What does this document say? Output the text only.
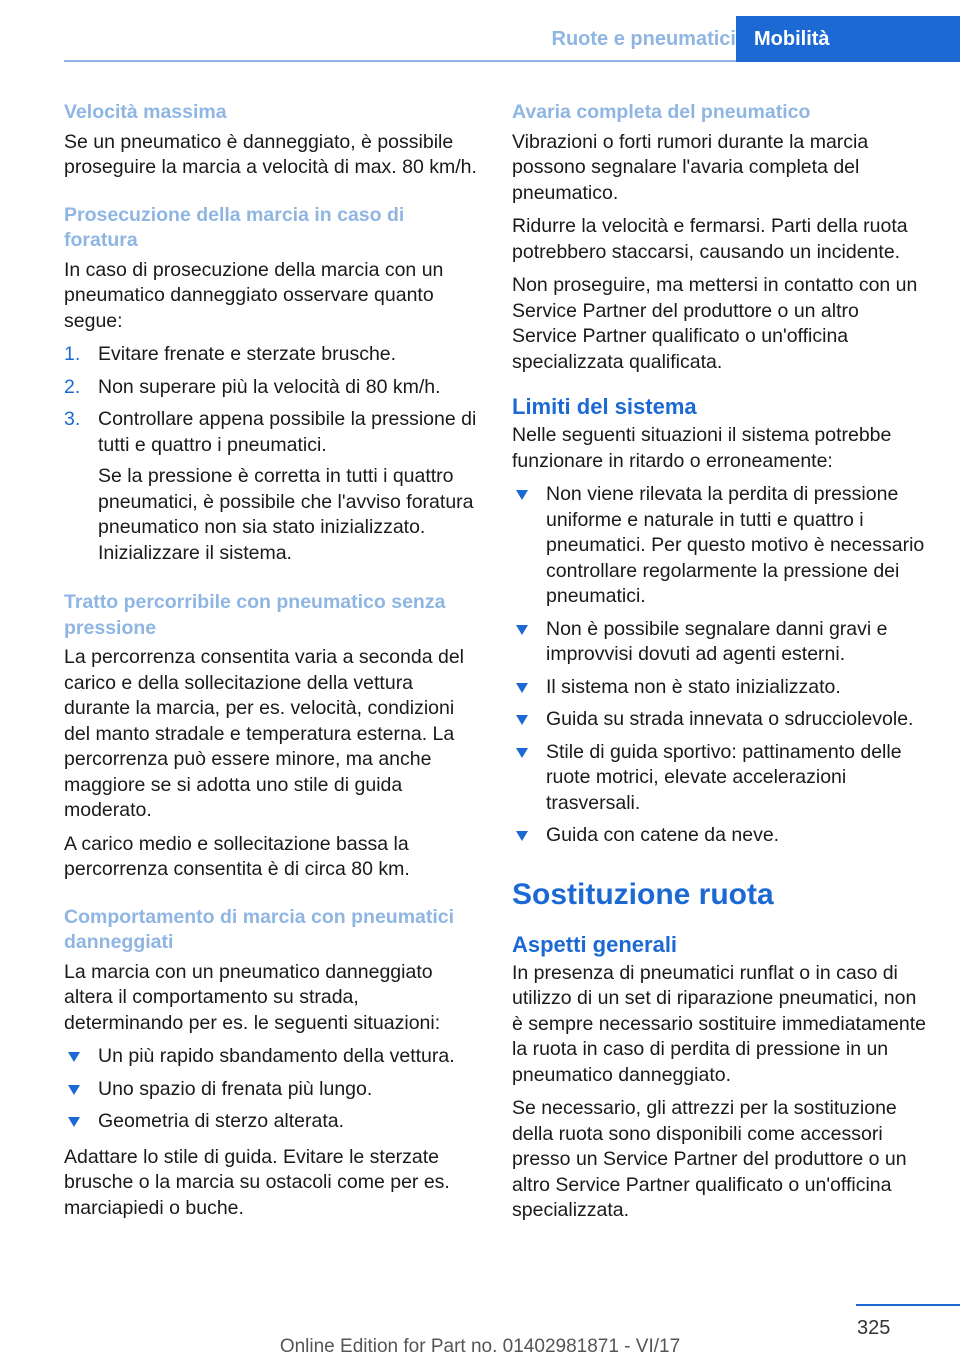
Ruote e pneumatici Mobilità
Velocità massima

Se un pneumatico è danneggiato, è possibile proseguire la marcia a velocità di max. 80 km/h.

Prosecuzione della marcia in caso di foratura

In caso di prosecuzione della marcia con un pneumatico danneggiato osservare quanto segue:

1. Evitare frenate e sterzate brusche.
2. Non superare più la velocità di 80 km/h.
3. Controllare appena possibile la pressione di tutti e quattro i pneumatici.
Se la pressione è corretta in tutti i quattro pneumatici, è possibile che l'avviso foratura pneumatico non sia stato inizializzato. Inizializzare il sistema.
Tratto percorribile con pneumatico senza pressione

La percorrenza consentita varia a seconda del carico e della sollecitazione della vettura durante la marcia, per es. velocità, condizioni del manto stradale e temperatura esterna. La percorrenza può essere minore, ma anche maggiore se si adotta uno stile di guida moderato.

A carico medio e sollecitazione bassa la percorrenza consentita è di circa 80 km.

Comportamento di marcia con pneumatici danneggiati

La marcia con un pneumatico danneggiato altera il comportamento su strada, determinando per es. le seguenti situazioni:

Un più rapido sbandamento della vettura.
Uno spazio di frenata più lungo.
Geometria di sterzo alterata.

Adattare lo stile di guida. Evitare le sterzate brusche o la marcia su ostacoli come per es. marciapiedi o buche.

Avaria completa del pneumatico

Vibrazioni o forti rumori durante la marcia possono segnalare l'avaria completa del pneumatico.

Ridurre la velocità e fermarsi. Parti della ruota potrebbero staccarsi, causando un incidente.

Non proseguire, ma mettersi in contatto con un Service Partner del produttore o un altro Service Partner qualificato o un'officina specializzata qualificata.

Limiti del sistema

Nelle seguenti situazioni il sistema potrebbe funzionare in ritardo o erroneamente:

Non viene rilevata la perdita di pressione uniforme e naturale in tutti e quattro i pneumatici. Per questo motivo è necessario controllare regolarmente la pressione dei pneumatici.
Non è possibile segnalare danni gravi e improvvisi dovuti ad agenti esterni.
Il sistema non è stato inizializzato.
Guida su strada innevata o sdrucciolevole.
Stile di guida sportivo: pattinamento delle ruote motrici, elevate accelerazioni trasversali.
Guida con catene da neve.
Sostituzione ruota
Aspetti generali

In presenza di pneumatici runflat o in caso di utilizzo di un set di riparazione pneumatici, non è sempre necessario sostituire immediatamente la ruota in caso di perdita di pressione in un pneumatico danneggiato.

Se necessario, gli attrezzi per la sostituzione della ruota sono disponibili come accessori presso un Service Partner del produttore o un altro Service Partner qualificato o un'officina specializzata.

325
Online Edition for Part no. 01402981871 - VI/17
